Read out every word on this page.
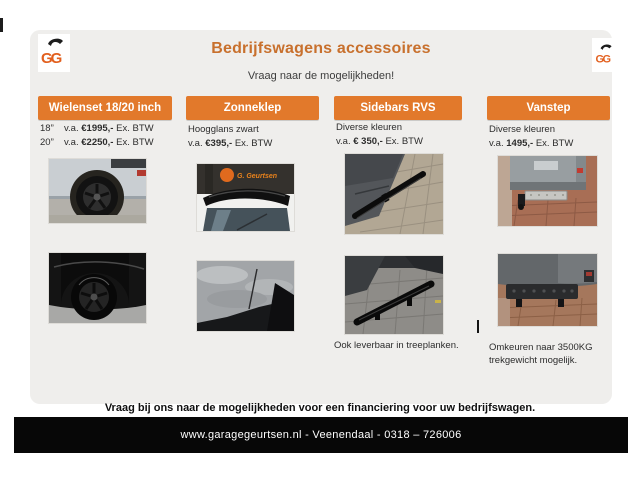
GG	GG
Bedrijfswagens accessoires
Vraag naar de mogelijkheden!
Wielenset 18/20 inch	Zonneklep	Sidebars RVS	Vanstep
18” v.a. €1995,- Ex. BTW
20” v.a. €2250,- Ex. BTW
Hoogglans zwart
v.a. €395,- Ex. BTW
Diverse kleuren
v.a. € 350,- Ex. BTW
Diverse kleuren
v.a. 1495,- Ex. BTW
G. Geurtsen
Ook leverbaar in treeplanken.	Omkeuren naar 3500KG trekgewicht mogelijk.
Vraag bij ons naar de mogelijkheden voor een financiering voor uw bedrijfswagen.
www.garagegeurtsen.nl - Veenendaal - 0318 – 726006
